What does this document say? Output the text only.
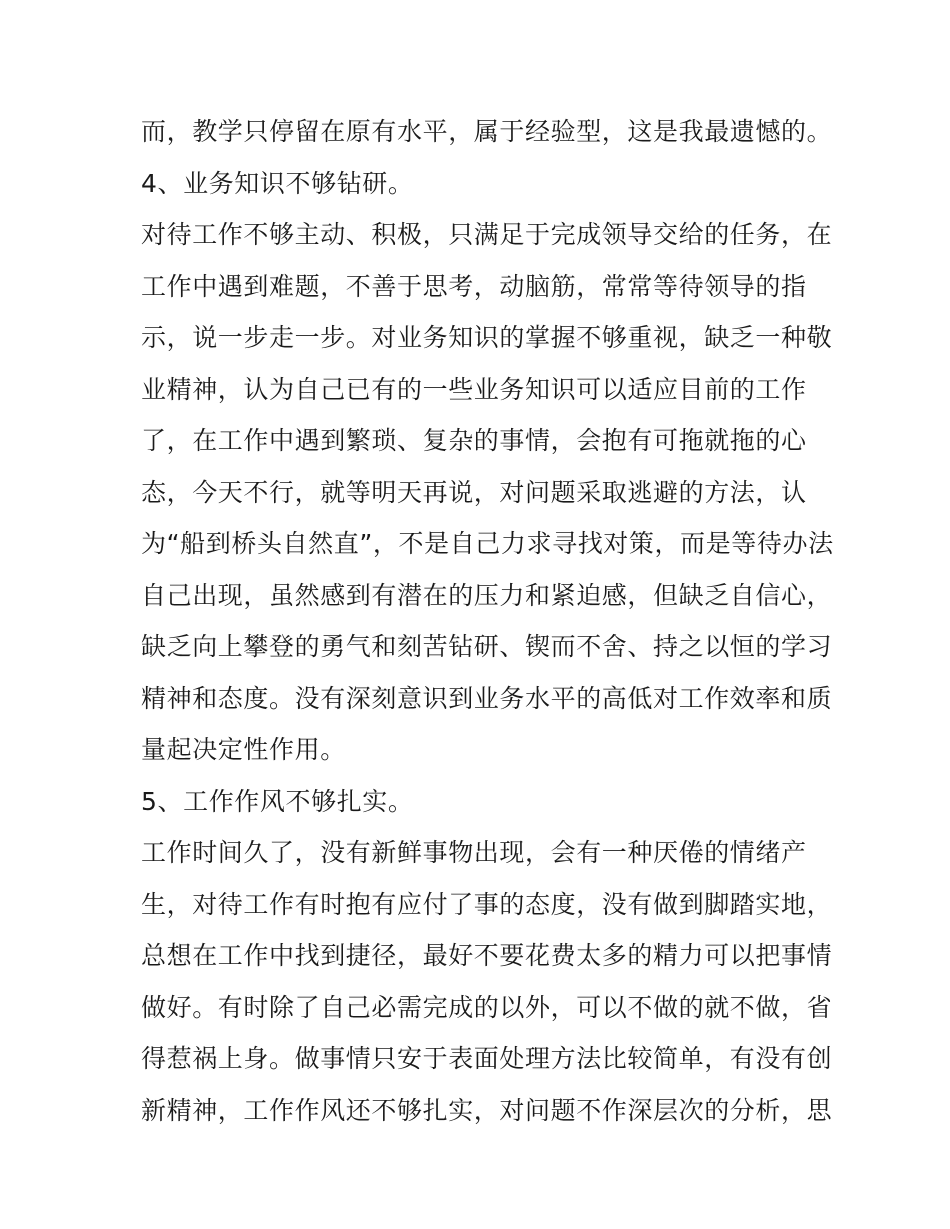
而，教学只停留在原有水平，属于经验型，这是我最遗憾的。
4、业务知识不够钻研。
对待工作不够主动、积极，只满足于完成领导交给的任务，在
工作中遇到难题，不善于思考，动脑筋，常常等待领导的指
示，说一步走一步。对业务知识的掌握不够重视，缺乏一种敬
业精神，认为自己已有的一些业务知识可以适应目前的工作
了，在工作中遇到繁琐、复杂的事情，会抱有可拖就拖的心
态，今天不行，就等明天再说，对问题采取逃避的方法，认
为“船到桥头自然直”，不是自己力求寻找对策，而是等待办法
自己出现，虽然感到有潜在的压力和紧迫感，但缺乏自信心，
缺乏向上攀登的勇气和刻苦钻研、锲而不舍、持之以恒的学习
精神和态度。没有深刻意识到业务水平的高低对工作效率和质
量起决定性作用。
5、工作作风不够扎实。
工作时间久了，没有新鲜事物出现，会有一种厌倦的情绪产
生，对待工作有时抱有应付了事的态度，没有做到脚踏实地，
总想在工作中找到捷径，最好不要花费太多的精力可以把事情
做好。有时除了自己必需完成的以外，可以不做的就不做，省
得惹祸上身。做事情只安于表面处理方法比较简单，有没有创
新精神，工作作风还不够扎实，对问题不作深层次的分析，思
